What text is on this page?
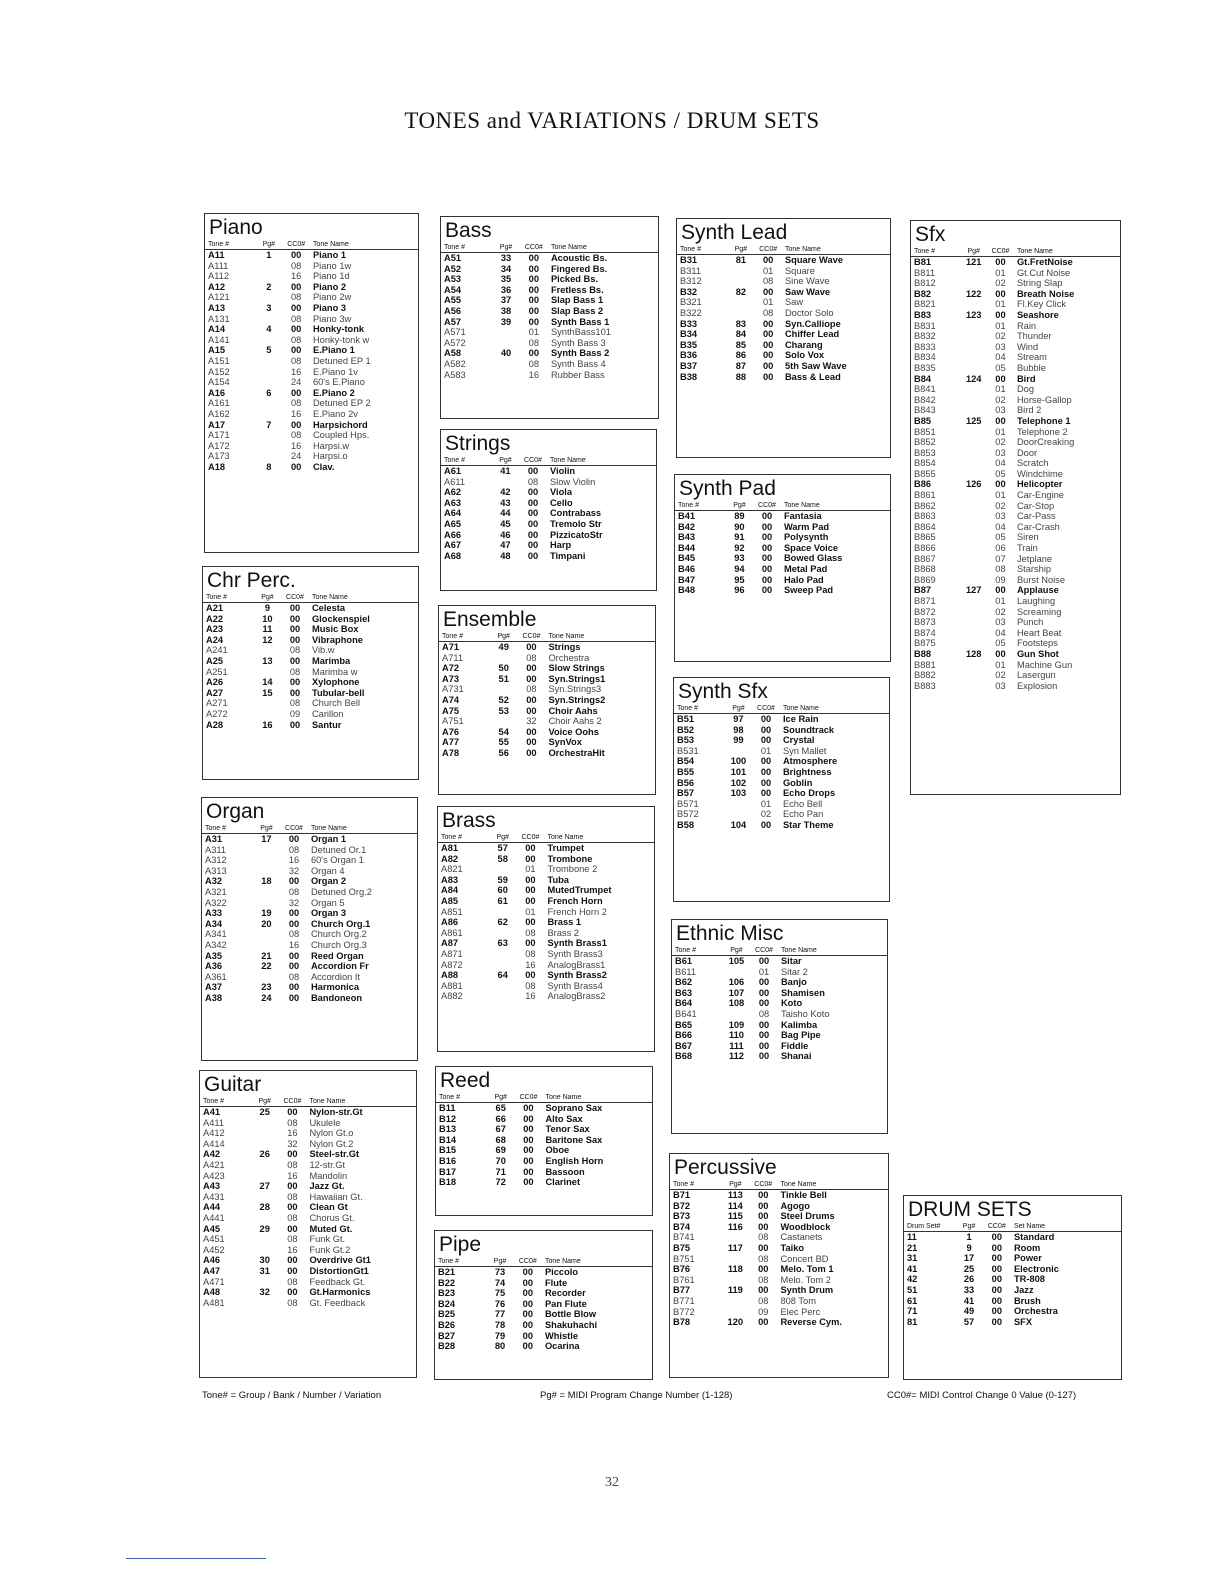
TONES and VARIATIONS / DRUM SETS
Piano
Tone #	Pg#	CC0#	Tone Name
A11	1	00	Piano 1
A111		08	Piano 1w
A112		16	Piano 1d
A12	2	00	Piano 2
A121		08	Piano 2w
A13	3	00	Piano 3
A131		08	Piano 3w
A14	4	00	Honky-tonk
A141		08	Honky-tonk w
A15	5	00	E.Piano 1
A151		08	Detuned EP 1
A152		16	E.Piano 1v
A154		24	60's E.Piano
A16	6	00	E.Piano 2
A161		08	Detuned EP 2
A162		16	E.Piano 2v
A17	7	00	Harpsichord
A171		08	Coupled Hps.
A172		16	Harpsi.w
A173		24	Harpsi.o
A18	8	00	Clav.
Chr Perc.
Tone #	Pg#	CC0#	Tone Name
A21	9	00	Celesta
A22	10	00	Glockenspiel
A23	11	00	Music Box
A24	12	00	Vibraphone
A241		08	Vib.w
A25	13	00	Marimba
A251		08	Marimba w
A26	14	00	Xylophone
A27	15	00	Tubular-bell
A271		08	Church Bell
A272		09	Carillon
A28	16	00	Santur
Organ
Tone #	Pg#	CC0#	Tone Name
A31	17	00	Organ 1
A311		08	Detuned Or.1
A312		16	60's Organ 1
A313		32	Organ 4
A32	18	00	Organ 2
A321		08	Detuned Org.2
A322		32	Organ 5
A33	19	00	Organ 3
A34	20	00	Church Org.1
A341		08	Church Org.2
A342		16	Church Org.3
A35	21	00	Reed Organ
A36	22	00	Accordion Fr
A361		08	Accordion It
A37	23	00	Harmonica
A38	24	00	Bandoneon
Guitar
Tone #	Pg#	CC0#	Tone Name
A41	25	00	Nylon-str.Gt
A411		08	Ukulele
A412		16	Nylon Gt.o
A414		32	Nylon Gt.2
A42	26	00	Steel-str.Gt
A421		08	12-str.Gt
A423		16	Mandolin
A43	27	00	Jazz Gt.
A431		08	Hawaiian Gt.
A44	28	00	Clean Gt
A441		08	Chorus Gt.
A45	29	00	Muted Gt.
A451		08	Funk Gt.
A452		16	Funk Gt.2
A46	30	00	Overdrive Gt1
A47	31	00	DistortionGt1
A471		08	Feedback Gt.
A48	32	00	Gt.Harmonics
A481		08	Gt. Feedback
Bass
Tone #	Pg#	CC0#	Tone Name
A51	33	00	Acoustic Bs.
A52	34	00	Fingered Bs.
A53	35	00	Picked Bs.
A54	36	00	Fretless Bs.
A55	37	00	Slap Bass 1
A56	38	00	Slap Bass 2
A57	39	00	Synth Bass 1
A571		01	SynthBass101
A572		08	Synth Bass 3
A58	40	00	Synth Bass 2
A582		08	Synth Bass 4
A583		16	Rubber Bass
Strings
Tone #	Pg#	CC0#	Tone Name
A61	41	00	Violin
A611		08	Slow Violin
A62	42	00	Viola
A63	43	00	Cello
A64	44	00	Contrabass
A65	45	00	Tremolo Str
A66	46	00	PizzicatoStr
A67	47	00	Harp
A68	48	00	Timpani
Ensemble
Tone #	Pg#	CC0#	Tone Name
A71	49	00	Strings
A711		08	Orchestra
A72	50	00	Slow Strings
A73	51	00	Syn.Strings1
A731		08	Syn.Strings3
A74	52	00	Syn.Strings2
A75	53	00	Choir Aahs
A751		32	Choir Aahs 2
A76	54	00	Voice Oohs
A77	55	00	SynVox
A78	56	00	OrchestraHit
Brass
Tone #	Pg#	CC0#	Tone Name
A81	57	00	Trumpet
A82	58	00	Trombone
A821		01	Trombone 2
A83	59	00	Tuba
A84	60	00	MutedTrumpet
A85	61	00	French Horn
A851		01	French Horn 2
A86	62	00	Brass 1
A861		08	Brass 2
A87	63	00	Synth Brass1
A871		08	Synth Brass3
A872		16	AnalogBrass1
A88	64	00	Synth Brass2
A881		08	Synth Brass4
A882		16	AnalogBrass2
Reed
Tone #	Pg#	CC0#	Tone Name
B11	65	00	Soprano Sax
B12	66	00	Alto Sax
B13	67	00	Tenor Sax
B14	68	00	Baritone Sax
B15	69	00	Oboe
B16	70	00	English Horn
B17	71	00	Bassoon
B18	72	00	Clarinet
Pipe
Tone #	Pg#	CC0#	Tone Name
B21	73	00	Piccolo
B22	74	00	Flute
B23	75	00	Recorder
B24	76	00	Pan Flute
B25	77	00	Bottle Blow
B26	78	00	Shakuhachi
B27	79	00	Whistle
B28	80	00	Ocarina
Synth Lead
Tone #	Pg#	CC0#	Tone Name
B31	81	00	Square Wave
B311		01	Square
B312		08	Sine Wave
B32	82	00	Saw Wave
B321		01	Saw
B322		08	Doctor Solo
B33	83	00	Syn.Calliope
B34	84	00	Chiffer Lead
B35	85	00	Charang
B36	86	00	Solo Vox
B37	87	00	5th Saw Wave
B38	88	00	Bass & Lead
Synth Pad
Tone #	Pg#	CC0#	Tone Name
B41	89	00	Fantasia
B42	90	00	Warm Pad
B43	91	00	Polysynth
B44	92	00	Space Voice
B45	93	00	Bowed Glass
B46	94	00	Metal Pad
B47	95	00	Halo Pad
B48	96	00	Sweep Pad
Synth Sfx
Tone #	Pg#	CC0#	Tone Name
B51	97	00	Ice Rain
B52	98	00	Soundtrack
B53	99	00	Crystal
B531		01	Syn Mallet
B54	100	00	Atmosphere
B55	101	00	Brightness
B56	102	00	Goblin
B57	103	00	Echo Drops
B571		01	Echo Bell
B572		02	Echo Pan
B58	104	00	Star Theme
Ethnic Misc
Tone #	Pg#	CC0#	Tone Name
B61	105	00	Sitar
B611		01	Sitar 2
B62	106	00	Banjo
B63	107	00	Shamisen
B64	108	00	Koto
B641		08	Taisho Koto
B65	109	00	Kalimba
B66	110	00	Bag Pipe
B67	111	00	Fiddle
B68	112	00	Shanai
Percussive
Tone #	Pg#	CC0#	Tone Name
B71	113	00	Tinkle Bell
B72	114	00	Agogo
B73	115	00	Steel Drums
B74	116	00	Woodblock
B741		08	Castanets
B75	117	00	Taiko
B751		08	Concert BD
B76	118	00	Melo. Tom 1
B761		08	Melo. Tom 2
B77	119	00	Synth Drum
B771		08	808 Tom
B772		09	Elec Perc
B78	120	00	Reverse Cym.
Sfx
Tone #	Pg#	CC0#	Tone Name
B81	121	00	Gt.FretNoise
B811		01	Gt.Cut Noise
B812		02	String Slap
B82	122	00	Breath Noise
B821		01	Fl.Key Click
B83	123	00	Seashore
B831		01	Rain
B832		02	Thunder
B833		03	Wind
B834		04	Stream
B835		05	Bubble
B84	124	00	Bird
B841		01	Dog
B842		02	Horse-Gallop
B843		03	Bird 2
B85	125	00	Telephone 1
B851		01	Telephone 2
B852		02	DoorCreaking
B853		03	Door
B854		04	Scratch
B855		05	Windchime
B86	126	00	Helicopter
B861		01	Car-Engine
B862		02	Car-Stop
B863		03	Car-Pass
B864		04	Car-Crash
B865		05	Siren
B866		06	Train
B867		07	Jetplane
B868		08	Starship
B869		09	Burst Noise
B87	127	00	Applause
B871		01	Laughing
B872		02	Screaming
B873		03	Punch
B874		04	Heart Beat
B875		05	Footsteps
B88	128	00	Gun Shot
B881		01	Machine Gun
B882		02	Lasergun
B883		03	Explosion
DRUM SETS
Drum Set#	Pg#	CC0#	Set Name
11	1	00	Standard
21	9	00	Room
31	17	00	Power
41	25	00	Electronic
42	26	00	TR-808
51	33	00	Jazz
61	41	00	Brush
71	49	00	Orchestra
81	57	00	SFX
Tone# = Group / Bank / Number / Variation	Pg# = MIDI Program Change Number (1-128)	CC0#= MIDI Control Change 0 Value (0-127)
32
